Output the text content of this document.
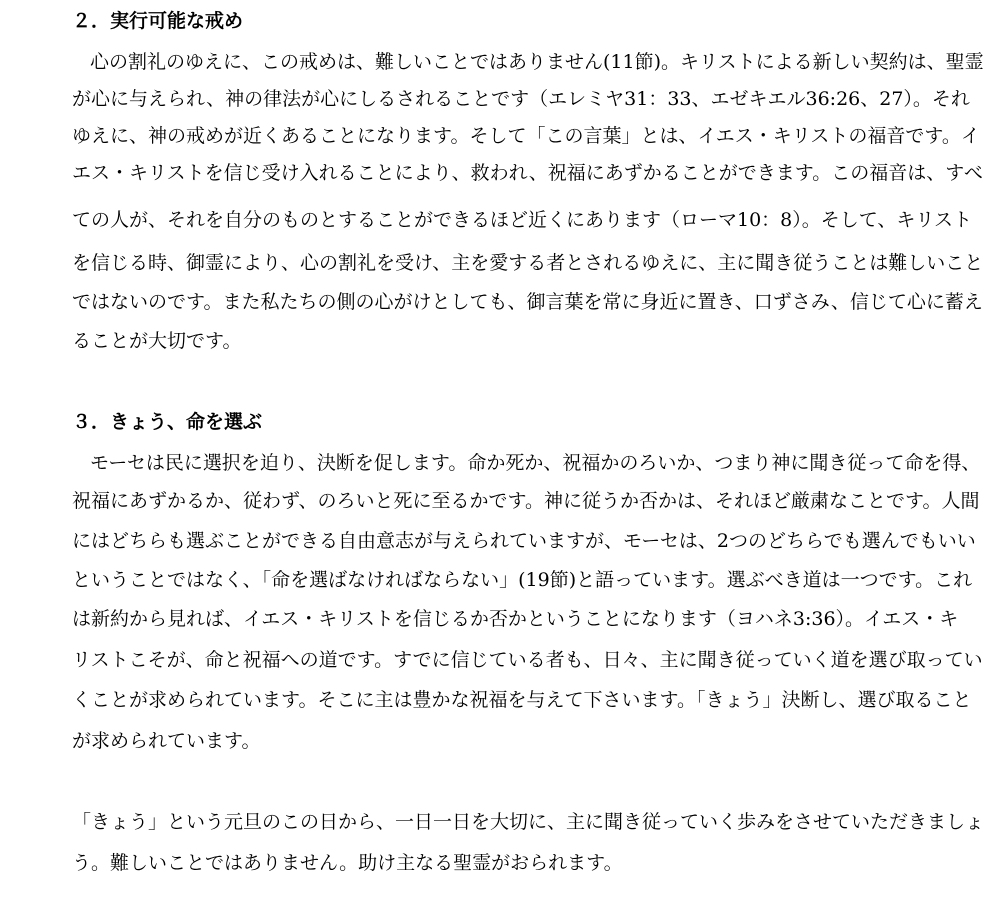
２．実行可能な戒め
心の割礼のゆえに、この戒めは、難しいことではありません(11節)。キリストによる新しい契約は、聖霊
が心に与えられ、神の律法が心にしるされることです（エレミヤ31：33、エゼキエル36:26、27）。それ
ゆえに、神の戒めが近くあることになります。そして「この言葉」とは、イエス・キリストの福音です。イ
エス・キリストを信じ受け入れることにより、救われ、祝福にあずかることができます。この福音は、すべ
ての人が、それを自分のものとすることができるほど近くにあります（ローマ10：8）。そして、キリスト
を信じる時、御霊により、心の割礼を受け、主を愛する者とされるゆえに、主に聞き従うことは難しいこと
ではないのです。また私たちの側の心がけとしても、御言葉を常に身近に置き、口ずさみ、信じて心に蓄え
ることが大切です。
３．きょう、命を選ぶ
モーセは民に選択を迫り、決断を促します。命か死か、祝福かのろいか、つまり神に聞き従って命を得、
祝福にあずかるか、従わず、のろいと死に至るかです。神に従うか否かは、それほど厳粛なことです。人間
にはどちらも選ぶことができる自由意志が与えられていますが、モーセは、2つのどちらでも選んでもいい
ということではなく、「命を選ばなければならない」(19節)と語っています。選ぶべき道は一つです。これ
は新約から見れば、イエス・キリストを信じるか否かということになります（ヨハネ3:36）。イエス・キ
リストこそが、命と祝福への道です。すでに信じている者も、日々、主に聞き従っていく道を選び取ってい
くことが求められています。そこに主は豊かな祝福を与えて下さいます。「きょう」決断し、選び取ること
が求められています。
「きょう」という元旦のこの日から、一日一日を大切に、主に聞き従っていく歩みをさせていただきましょ
う。難しいことではありません。助け主なる聖霊がおられます。
